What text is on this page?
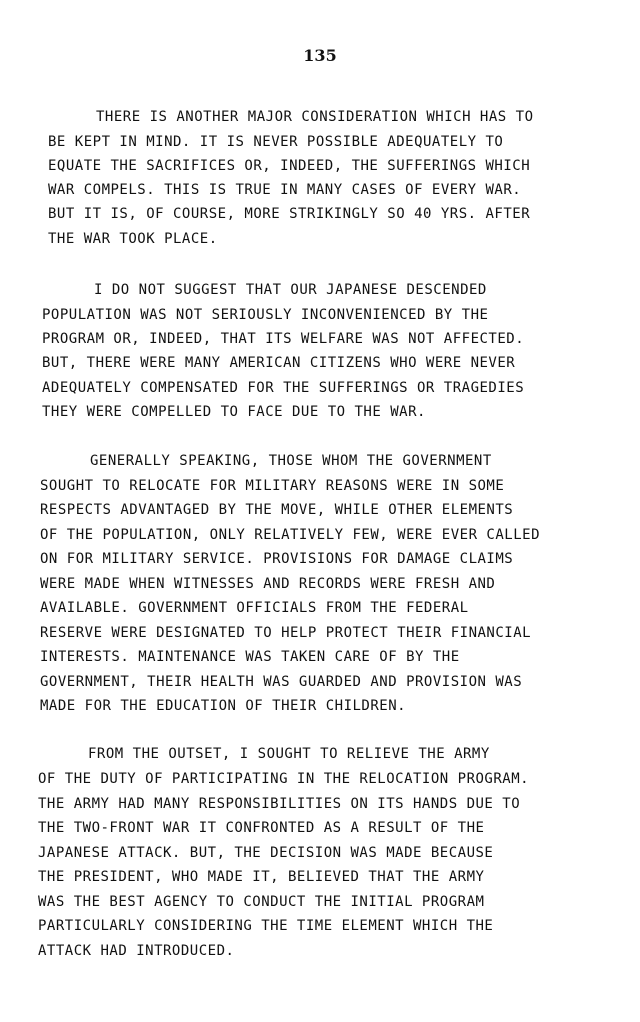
135
THERE IS ANOTHER MAJOR CONSIDERATION WHICH HAS TO
BE KEPT IN MIND. IT IS NEVER POSSIBLE ADEQUATELY TO
EQUATE THE SACRIFICES OR, INDEED, THE SUFFERINGS WHICH
WAR COMPELS. THIS IS TRUE IN MANY CASES OF EVERY WAR.
BUT IT IS, OF COURSE, MORE STRIKINGLY SO 40 YRS. AFTER
THE WAR TOOK PLACE.
I DO NOT SUGGEST THAT OUR JAPANESE DESCENDED
POPULATION WAS NOT SERIOUSLY INCONVENIENCED BY THE
PROGRAM OR, INDEED, THAT ITS WELFARE WAS NOT AFFECTED.
BUT, THERE WERE MANY AMERICAN CITIZENS WHO WERE NEVER
ADEQUATELY COMPENSATED FOR THE SUFFERINGS OR TRAGEDIES
THEY WERE COMPELLED TO FACE DUE TO THE WAR.
GENERALLY SPEAKING, THOSE WHOM THE GOVERNMENT
SOUGHT TO RELOCATE FOR MILITARY REASONS WERE IN SOME
RESPECTS ADVANTAGED BY THE MOVE, WHILE OTHER ELEMENTS
OF THE POPULATION, ONLY RELATIVELY FEW, WERE EVER CALLED
ON FOR MILITARY SERVICE. PROVISIONS FOR DAMAGE CLAIMS
WERE MADE WHEN WITNESSES AND RECORDS WERE FRESH AND
AVAILABLE. GOVERNMENT OFFICIALS FROM THE FEDERAL
RESERVE WERE DESIGNATED TO HELP PROTECT THEIR FINANCIAL
INTERESTS. MAINTENANCE WAS TAKEN CARE OF BY THE
GOVERNMENT, THEIR HEALTH WAS GUARDED AND PROVISION WAS
MADE FOR THE EDUCATION OF THEIR CHILDREN.
FROM THE OUTSET, I SOUGHT TO RELIEVE THE ARMY
OF THE DUTY OF PARTICIPATING IN THE RELOCATION PROGRAM.
THE ARMY HAD MANY RESPONSIBILITIES ON ITS HANDS DUE TO
THE TWO-FRONT WAR IT CONFRONTED AS A RESULT OF THE
JAPANESE ATTACK. BUT, THE DECISION WAS MADE BECAUSE
THE PRESIDENT, WHO MADE IT, BELIEVED THAT THE ARMY
WAS THE BEST AGENCY TO CONDUCT THE INITIAL PROGRAM
PARTICULARLY CONSIDERING THE TIME ELEMENT WHICH THE
ATTACK HAD INTRODUCED.
